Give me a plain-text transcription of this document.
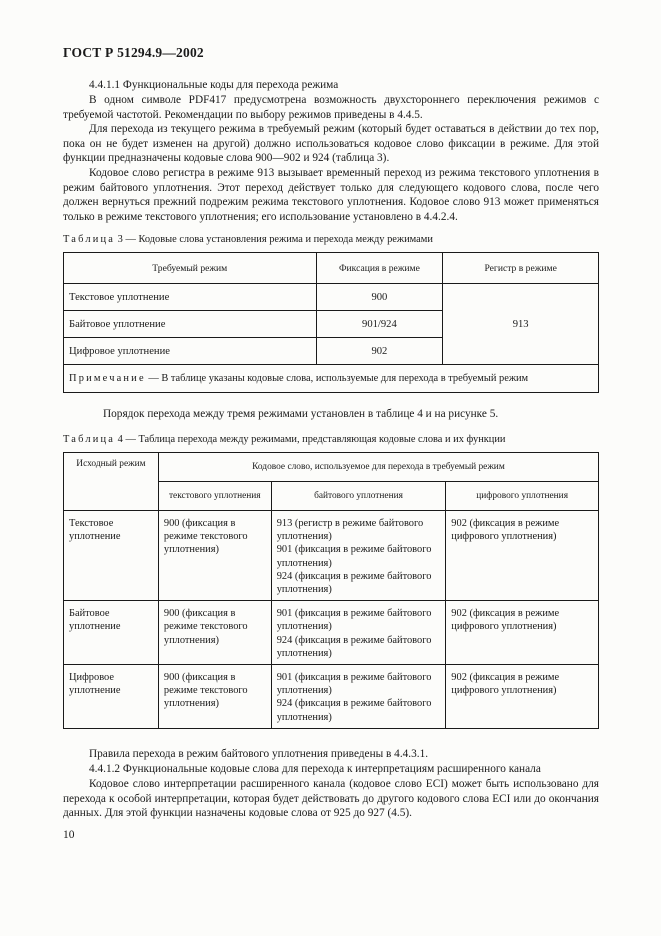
ГОСТ Р 51294.9—2002

4.4.1.1 Функциональные коды для перехода режима

В одном символе PDF417 предусмотрена возможность двухстороннего переключения режимов с требуемой частотой. Рекомендации по выбору режимов приведены в 4.4.5.

Для перехода из текущего режима в требуемый режим (который будет оставаться в действии до тех пор, пока он не будет изменен на другой) должно использоваться кодовое слово фиксации в режиме. Для этой функции предназначены кодовые слова 900—902 и 924 (таблица 3).

Кодовое слово регистра в режиме 913 вызывает временный переход из режима текстового уплотнения в режим байтового уплотнения. Этот переход действует только для следующего кодового слова, после чего должен вернуться прежний подрежим режима текстового уплотнения. Кодовое слово 913 может применяться только в режиме текстового уплотнения; его использование установлено в 4.4.2.4.

Таблица 3 — Кодовые слова установления режима и перехода между режимами
Требуемый режим	Фиксация в режиме	Регистр в режиме
Текстовое уплотнение	900	913
Байтовое уплотнение	901/924	
Цифровое уплотнение	902	
Примечание — В таблице указаны кодовые слова, используемые для перехода в требуемый режим		

Порядок перехода между тремя режимами установлен в таблице 4 и на рисунке 5.

Таблица 4 — Таблица перехода между режимами, представляющая кодовые слова и их функции
Исходный режим	Кодовое слово, используемое для перехода в требуемый режим		
	текстового уплотнения	байтового уплотнения	цифрового уплотнения
Текстовое уплотнение	900 (фиксация в режиме текстового уплотнения)	913 (регистр в режиме байтового уплотнения)
901 (фиксация в режиме байтового уплотнения)
924 (фиксация в режиме байтового уплотнения)	902 (фиксация в режиме цифрового уплотнения)
Байтовое уплотнение	900 (фиксация в режиме текстового уплотнения)	901 (фиксация в режиме байтового уплотнения)
924 (фиксация в режиме байтового уплотнения)	902 (фиксация в режиме цифрового уплотнения)
Цифровое уплотнение	900 (фиксация в режиме текстового уплотнения)	901 (фиксация в режиме байтового уплотнения)
924 (фиксация в режиме байтового уплотнения)	902 (фиксация в режиме цифрового уплотнения)

Правила перехода в режим байтового уплотнения приведены в 4.4.3.1.

4.4.1.2 Функциональные кодовые слова для перехода к интерпретациям расширенного канала

Кодовое слово интерпретации расширенного канала (кодовое слово ECI) может быть использовано для перехода к особой интерпретации, которая будет действовать до другого кодового слова ECI или до окончания данных. Для этой функции назначены кодовые слова от 925 до 927 (4.5).

10
